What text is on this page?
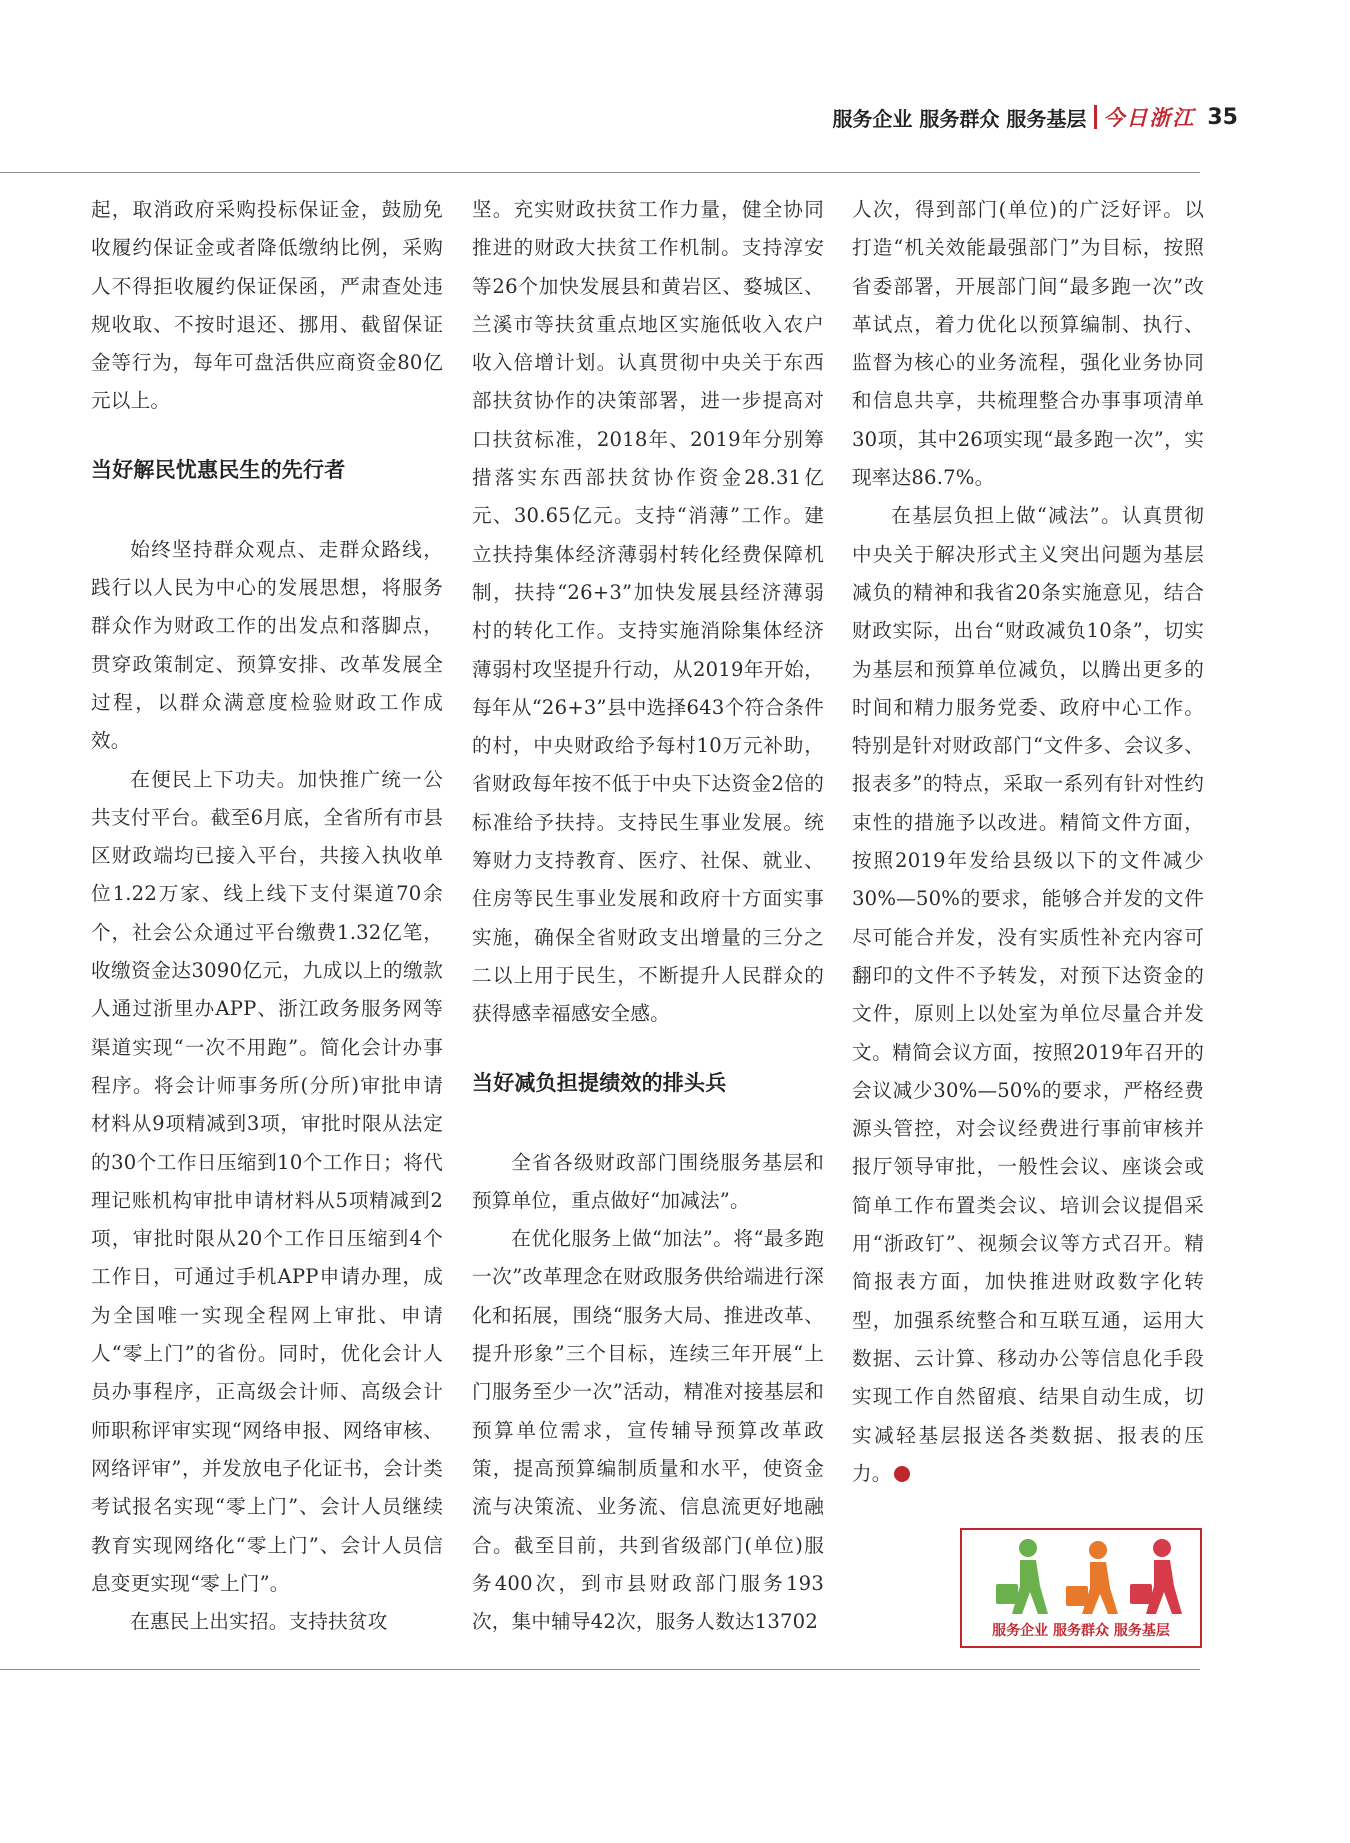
服务企业 服务群众 服务基层 今日浙江 35

起，取消政府采购投标保证金，鼓励免收履约保证金或者降低缴纳比例，采购人不得拒收履约保证保函，严肃查处违规收取、不按时退还、挪用、截留保证金等行为，每年可盘活供应商资金80亿元以上。

当好解民忧惠民生的先行者

始终坚持群众观点、走群众路线，践行以人民为中心的发展思想，将服务群众作为财政工作的出发点和落脚点，贯穿政策制定、预算安排、改革发展全过程，以群众满意度检验财政工作成效。

在便民上下功夫。加快推广统一公共支付平台。截至6月底，全省所有市县区财政端均已接入平台，共接入执收单位1.22万家、线上线下支付渠道70余个，社会公众通过平台缴费1.32亿笔，收缴资金达3090亿元，九成以上的缴款人通过浙里办APP、浙江政务服务网等渠道实现“一次不用跑”。简化会计办事程序。将会计师事务所(分所)审批申请材料从9项精减到3项，审批时限从法定的30个工作日压缩到10个工作日；将代理记账机构审批申请材料从5项精减到2项，审批时限从20个工作日压缩到4个工作日，可通过手机APP申请办理，成为全国唯一实现全程网上审批、申请人“零上门”的省份。同时，优化会计人员办事程序，正高级会计师、高级会计师职称评审实现“网络申报、网络审核、网络评审”，并发放电子化证书，会计类考试报名实现“零上门”、会计人员继续教育实现网络化“零上门”、会计人员信息变更实现“零上门”。

在惠民上出实招。支持扶贫攻

坚。充实财政扶贫工作力量，健全协同推进的财政大扶贫工作机制。支持淳安等26个加快发展县和黄岩区、婺城区、兰溪市等扶贫重点地区实施低收入农户收入倍增计划。认真贯彻中央关于东西部扶贫协作的决策部署，进一步提高对口扶贫标准，2018年、2019年分别筹措落实东西部扶贫协作资金28.31亿元、30.65亿元。支持“消薄”工作。建立扶持集体经济薄弱村转化经费保障机制，扶持“26+3”加快发展县经济薄弱村的转化工作。支持实施消除集体经济薄弱村攻坚提升行动，从2019年开始，每年从“26+3”县中选择643个符合条件的村，中央财政给予每村10万元补助，省财政每年按不低于中央下达资金2倍的标准给予扶持。支持民生事业发展。统筹财力支持教育、医疗、社保、就业、住房等民生事业发展和政府十方面实事实施，确保全省财政支出增量的三分之二以上用于民生，不断提升人民群众的获得感幸福感安全感。

当好减负担提绩效的排头兵

全省各级财政部门围绕服务基层和预算单位，重点做好“加减法”。

在优化服务上做“加法”。将“最多跑一次”改革理念在财政服务供给端进行深化和拓展，围绕“服务大局、推进改革、提升形象”三个目标，连续三年开展“上门服务至少一次”活动，精准对接基层和预算单位需求，宣传辅导预算改革政策，提高预算编制质量和水平，使资金流与决策流、业务流、信息流更好地融合。截至目前，共到省级部门(单位)服务400次，到市县财政部门服务193次，集中辅导42次，服务人数达13702

人次，得到部门(单位)的广泛好评。以打造“机关效能最强部门”为目标，按照省委部署，开展部门间“最多跑一次”改革试点，着力优化以预算编制、执行、监督为核心的业务流程，强化业务协同和信息共享，共梳理整合办事事项清单30项，其中26项实现“最多跑一次”，实现率达86.7%。

在基层负担上做“减法”。认真贯彻中央关于解决形式主义突出问题为基层减负的精神和我省20条实施意见，结合财政实际，出台“财政减负10条”，切实为基层和预算单位减负，以腾出更多的时间和精力服务党委、政府中心工作。特别是针对财政部门“文件多、会议多、报表多”的特点，采取一系列有针对性约束性的措施予以改进。精简文件方面，按照2019年发给县级以下的文件减少30%—50%的要求，能够合并发的文件尽可能合并发，没有实质性补充内容可翻印的文件不予转发，对预下达资金的文件，原则上以处室为单位尽量合并发文。精简会议方面，按照2019年召开的会议减少30%—50%的要求，严格经费源头管控，对会议经费进行事前审核并报厅领导审批，一般性会议、座谈会或简单工作布置类会议、培训会议提倡采用“浙政钉”、视频会议等方式召开。精简报表方面，加快推进财政数字化转型，加强系统整合和互联互通，运用大数据、云计算、移动办公等信息化手段实现工作自然留痕、结果自动生成，切实减轻基层报送各类数据、报表的压力。

服务企业 服务群众 服务基层
